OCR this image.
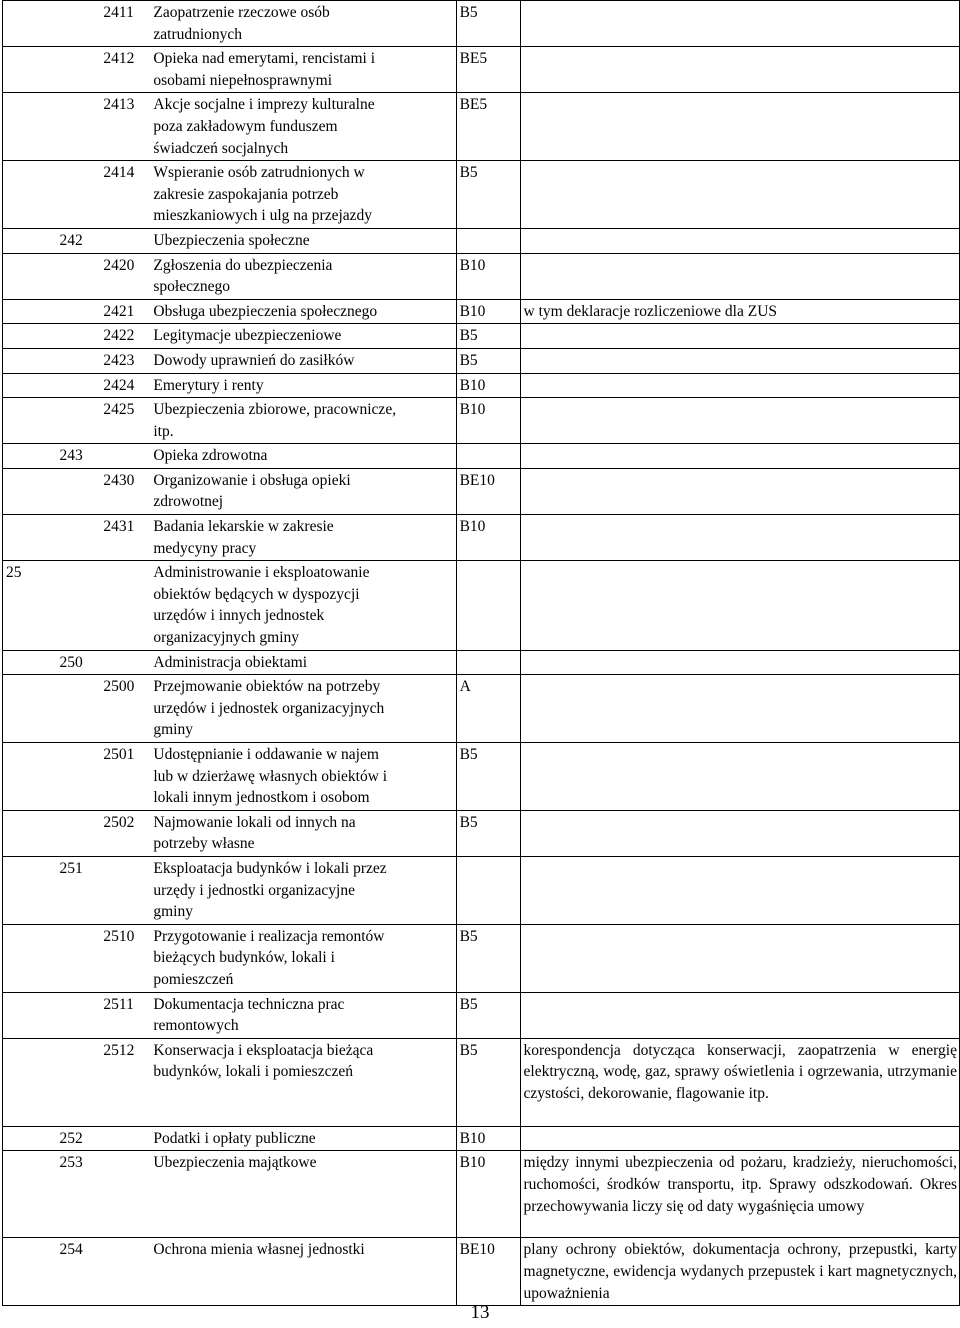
		2411	Zaopatrzenie rzeczowe osób
zatrudnionych	B5	
		2412	Opieka nad emerytami, rencistami i
osobami niepełnosprawnymi	BE5	
		2413	Akcje socjalne i imprezy kulturalne
poza zakładowym funduszem
świadczeń socjalnych	BE5	
		2414	Wspieranie osób zatrudnionych w
zakresie zaspokajania potrzeb
mieszkaniowych i ulg na przejazdy	B5	
	242		Ubezpieczenia społeczne		
		2420	Zgłoszenia do ubezpieczenia
społecznego	B10	
		2421	Obsługa ubezpieczenia społecznego	B10	w tym deklaracje rozliczeniowe dla ZUS
		2422	Legitymacje ubezpieczeniowe	B5	
		2423	Dowody uprawnień do zasiłków	B5	
		2424	Emerytury i renty	B10	
		2425	Ubezpieczenia zbiorowe, pracownicze,
itp.	B10	
	243		Opieka zdrowotna		
		2430	Organizowanie i obsługa opieki
zdrowotnej	BE10	
		2431	Badania lekarskie w zakresie
medycyny pracy	B10	
25			Administrowanie i eksploatowanie
obiektów będących w dyspozycji
urzędów i innych jednostek
organizacyjnych gminy		
	250		Administracja obiektami		
		2500	Przejmowanie obiektów na potrzeby
urzędów i jednostek organizacyjnych
gminy	A	
		2501	Udostępnianie i oddawanie w najem
lub w dzierżawę własnych obiektów i
lokali innym jednostkom i osobom	B5	
		2502	Najmowanie lokali od innych na
potrzeby własne	B5	
	251		Eksploatacja budynków i lokali przez
urzędy i jednostki organizacyjne
gminy		
		2510	Przygotowanie i realizacja remontów
bieżących budynków, lokali i
pomieszczeń	B5	
		2511	Dokumentacja techniczna prac
remontowych	B5	
		2512	Konserwacja i eksploatacja bieżąca
budynków, lokali i pomieszczeń	B5	korespondencja dotycząca konserwacji, zaopatrzenia w energię elektryczną, wodę, gaz, sprawy oświetlenia i ogrzewania, utrzymanie czystości, dekorowanie, flagowanie itp.
	252		Podatki i opłaty publiczne	B10	
	253		Ubezpieczenia majątkowe	B10	między innymi ubezpieczenia od pożaru, kradzieży, nieruchomości, ruchomości, środków transportu, itp. Sprawy odszkodowań. Okres przechowywania liczy się od daty wygaśnięcia umowy
	254		Ochrona mienia własnej jednostki	BE10	plany ochrony obiektów, dokumentacja ochrony, przepustki, karty magnetyczne, ewidencja wydanych przepustek i kart magnetycznych, upoważnienia
13
